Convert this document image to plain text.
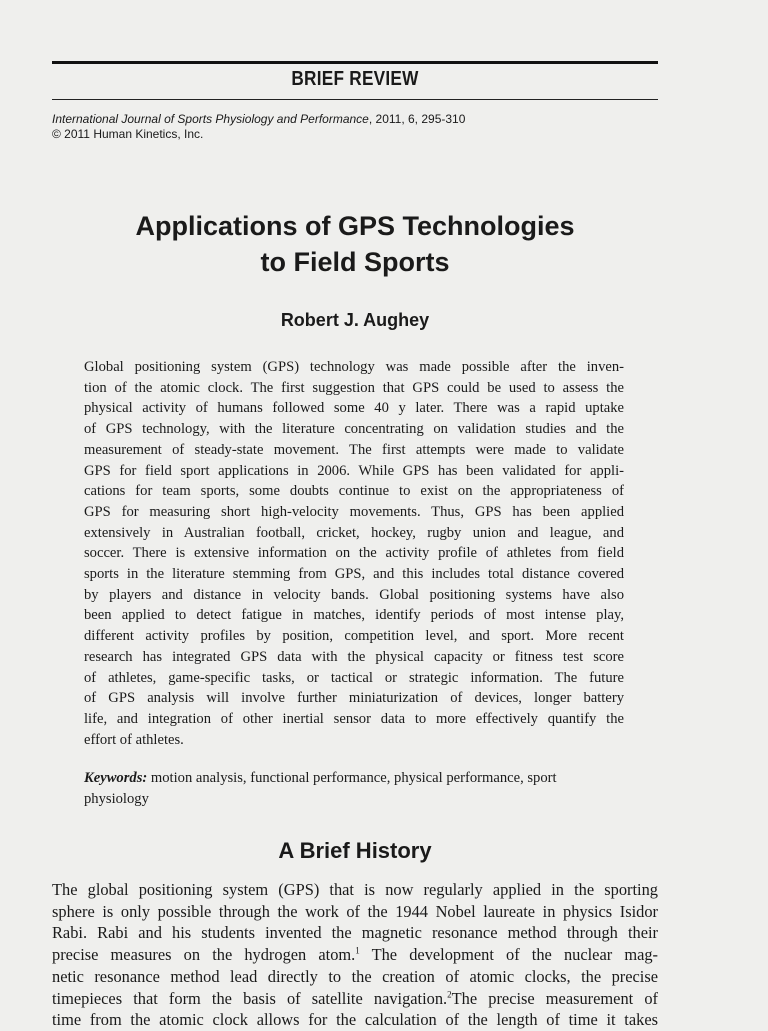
BRIEF REVIEW
International Journal of Sports Physiology and Performance, 2011, 6, 295-310
© 2011 Human Kinetics, Inc.
Applications of GPS Technologies
to Field Sports
Robert J. Aughey
Global positioning system (GPS) technology was made possible after the inven-
tion of the atomic clock. The first suggestion that GPS could be used to assess the
physical activity of humans followed some 40 y later. There was a rapid uptake
of GPS technology, with the literature concentrating on validation studies and the
measurement of steady-state movement. The first attempts were made to validate
GPS for field sport applications in 2006. While GPS has been validated for appli-
cations for team sports, some doubts continue to exist on the appropriateness of
GPS for measuring short high-velocity movements. Thus, GPS has been applied
extensively in Australian football, cricket, hockey, rugby union and league, and
soccer. There is extensive information on the activity profile of athletes from field
sports in the literature stemming from GPS, and this includes total distance covered
by players and distance in velocity bands. Global positioning systems have also
been applied to detect fatigue in matches, identify periods of most intense play,
different activity profiles by position, competition level, and sport. More recent
research has integrated GPS data with the physical capacity or fitness test score
of athletes, game-specific tasks, or tactical or strategic information. The future
of GPS analysis will involve further miniaturization of devices, longer battery
life, and integration of other inertial sensor data to more effectively quantify the
effort of athletes.
Keywords: motion analysis, functional performance, physical performance, sport
physiology
A Brief History
The global positioning system (GPS) that is now regularly applied in the sporting
sphere is only possible through the work of the 1944 Nobel laureate in physics Isidor
Rabi. Rabi and his students invented the magnetic resonance method through their
precise measures on the hydrogen atom.$^1$ The development of the nuclear mag-
netic resonance method lead directly to the creation of atomic clocks, the precise
timepieces that form the basis of satellite navigation.$^2$The precise measurement of
time from the atomic clock allows for the calculation of the length of time it takes
